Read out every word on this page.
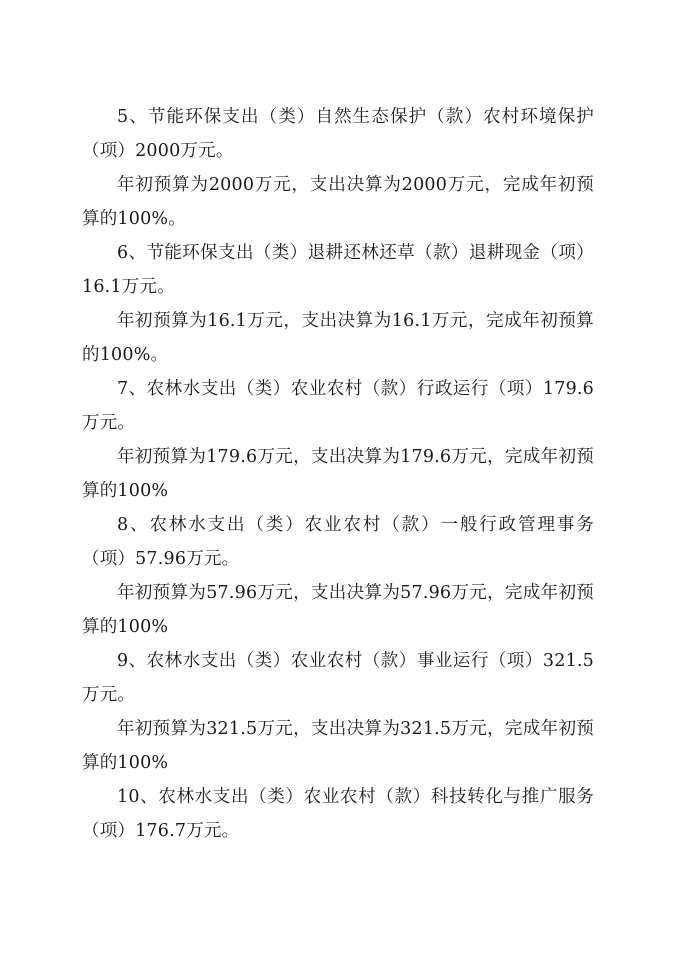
5、节能环保支出（类）自然生态保护（款）农村环境保护（项）2000万元。

年初预算为2000万元，支出决算为2000万元，完成年初预算的100%。

6、节能环保支出（类）退耕还林还草（款）退耕现金（项）16.1万元。

年初预算为16.1万元，支出决算为16.1万元，完成年初预算的100%。

7、农林水支出（类）农业农村（款）行政运行（项）179.6万元。

年初预算为179.6万元，支出决算为179.6万元，完成年初预算的100%

8、农林水支出（类）农业农村（款）一般行政管理事务（项）57.96万元。

年初预算为57.96万元，支出决算为57.96万元，完成年初预算的100%

9、农林水支出（类）农业农村（款）事业运行（项）321.5万元。

年初预算为321.5万元，支出决算为321.5万元，完成年初预算的100%

10、农林水支出（类）农业农村（款）科技转化与推广服务（项）176.7万元。
